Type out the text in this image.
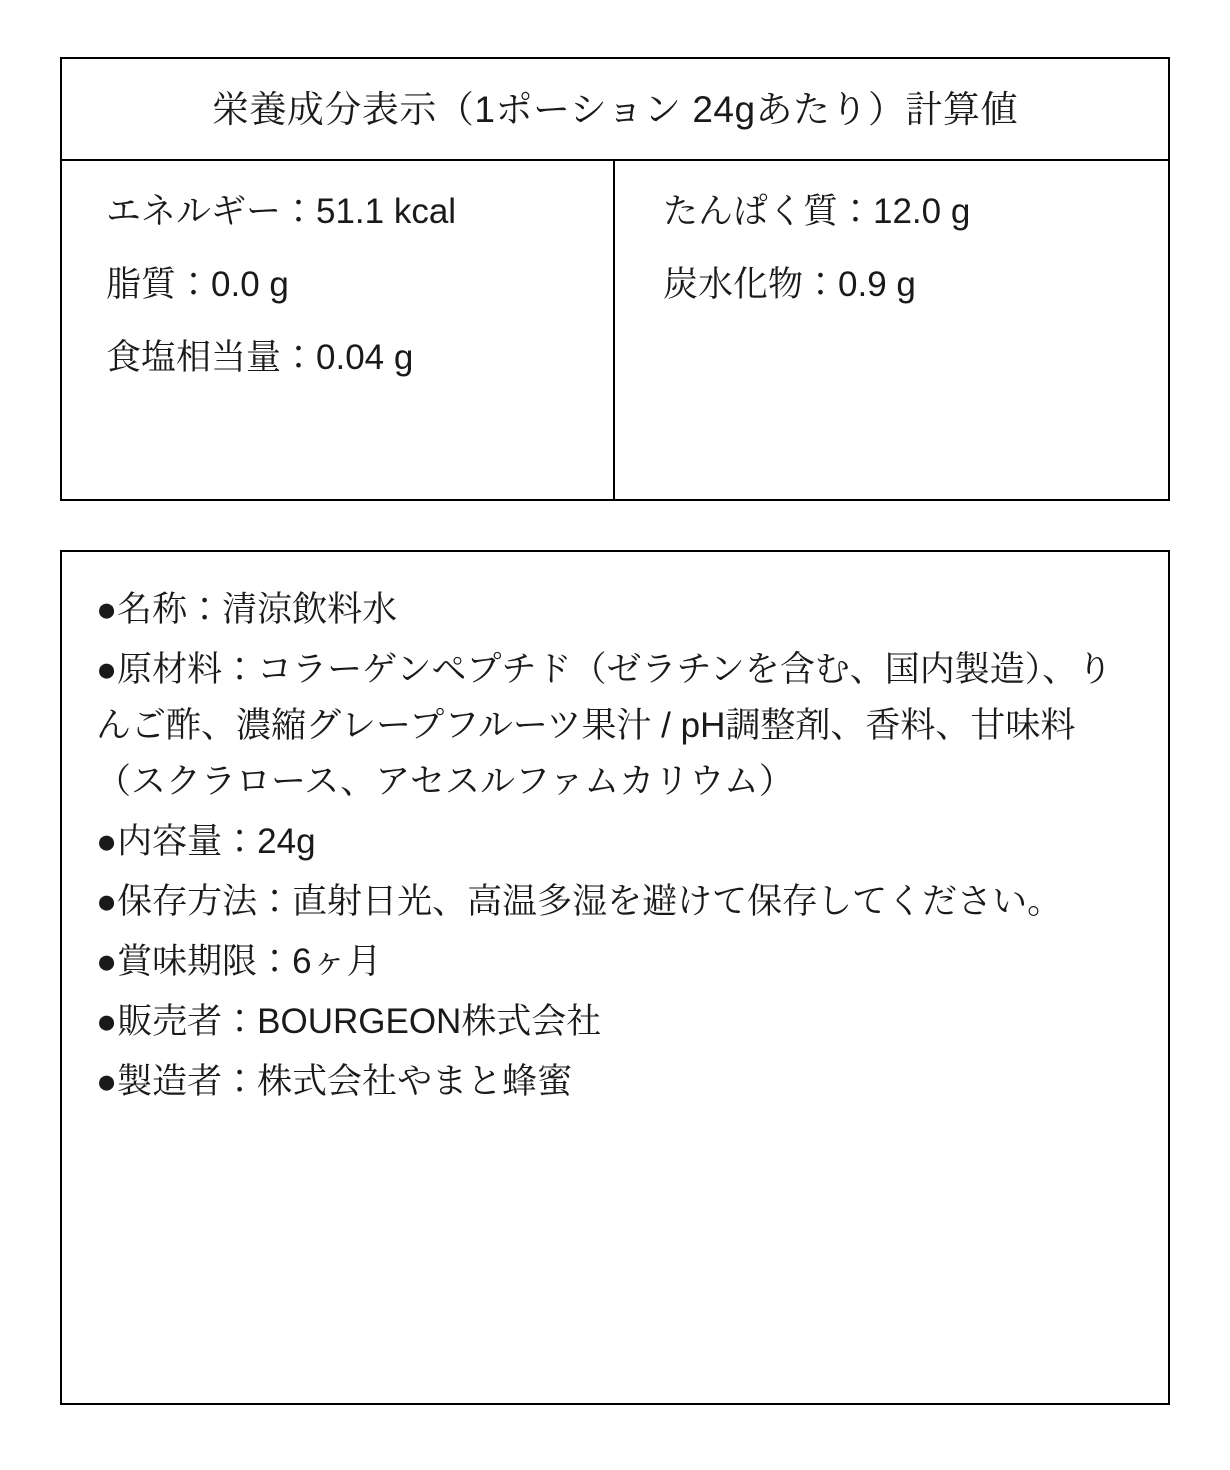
栄養成分表示（1ポーション 24gあたり）計算値
エネルギー：51.1 kcal
脂質：0.0 g
食塩相当量：0.04 g
たんぱく質：12.0 g
炭水化物：0.9 g

●名称：清涼飲料水

●原材料：コラーゲンペプチド（ゼラチンを含む、国内製造）、りんご酢、濃縮グレープフルーツ果汁 / pH調整剤、香料、甘味料（スクラロース、アセスルファムカリウム）

●内容量：24g

●保存方法：直射日光、高温多湿を避けて保存してください。

●賞味期限：6ヶ月

●販売者：BOURGEON株式会社

●製造者：株式会社やまと蜂蜜
